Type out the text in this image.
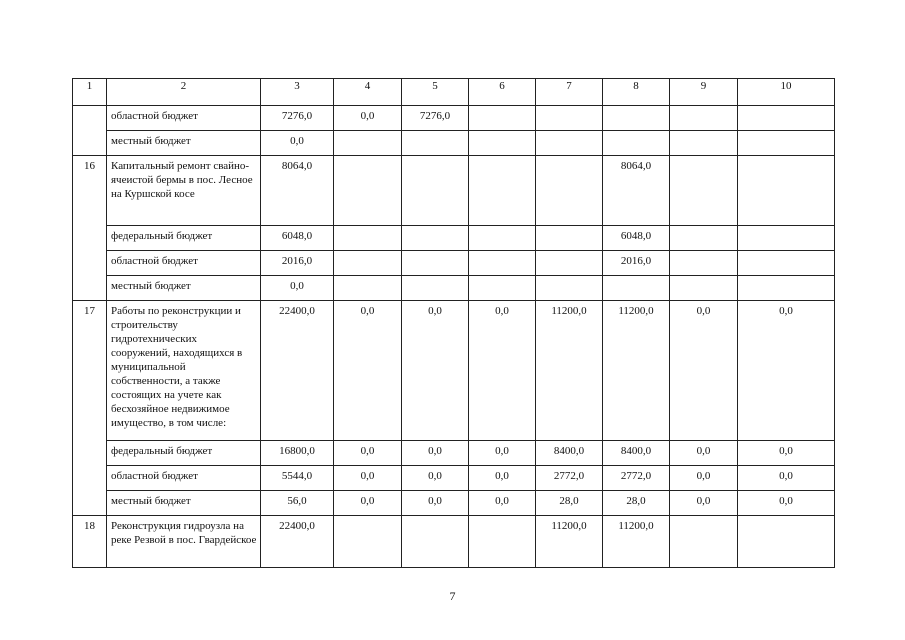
1	2	3	4	5	6	7	8	9	10
	областной бюджет	7276,0	0,0	7276,0					
	местный бюджет	0,0							
16	Капитальный ремонт свайно-ячеистой бермы в пос. Лесное на Куршской косе	8064,0					8064,0		
	федеральный бюджет	6048,0					6048,0		
	областной бюджет	2016,0					2016,0		
	местный бюджет	0,0							
17	Работы по реконструкции и строительству гидротехнических сооружений, находящихся в муниципальной собственности, а также состоящих на учете как бесхозяйное недвижимое имущество, в том числе:	22400,0	0,0	0,0	0,0	11200,0	11200,0	0,0	0,0
	федеральный бюджет	16800,0	0,0	0,0	0,0	8400,0	8400,0	0,0	0,0
	областной бюджет	5544,0	0,0	0,0	0,0	2772,0	2772,0	0,0	0,0
	местный бюджет	56,0	0,0	0,0	0,0	28,0	28,0	0,0	0,0
18	Реконструкция гидроузла на реке Резвой в пос. Гвардейское	22400,0				11200,0	11200,0		
7
